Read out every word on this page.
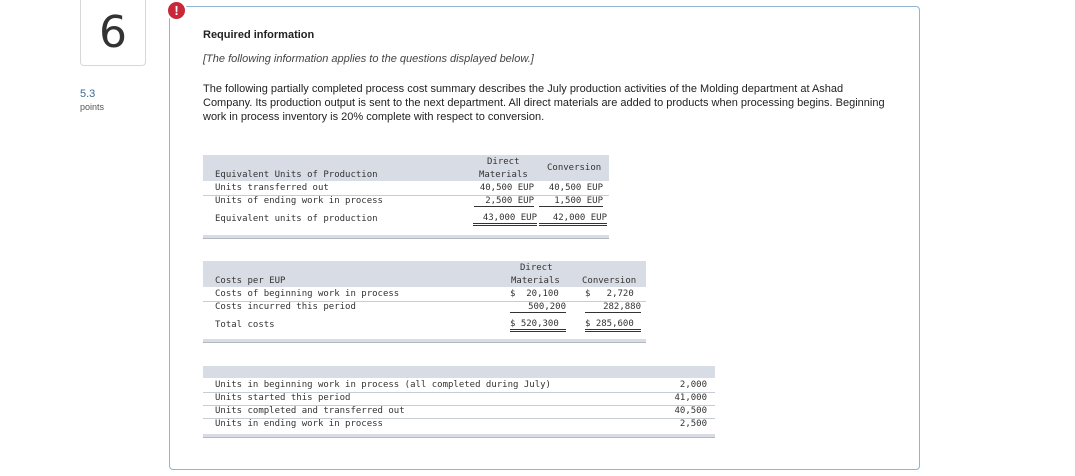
6
5.3
points
!
Required information
[The following information applies to the questions displayed below.]
The following partially completed process cost summary describes the July production activities of the Molding department at Ashad Company. Its production output is sent to the next department. All direct materials are added to products when processing begins. Beginning work in process inventory is 20% complete with respect to conversion.
Direct
Materials
Conversion
Equivalent Units of Production
Units transferred out	40,500 EUP 40,500 EUP
Units of ending work in process	2,500 EUP	1,500 EUP
Equivalent units of production	43,000 EUP	42,000 EUP
Direct
Materials Conversion
Costs per EUP
Costs of beginning work in process	$  20,100	$   2,720
Costs incurred this period	500,200	282,880
Total costs	$ 520,300	$ 285,600
Units in beginning work in process (all completed during July)	2,000
Units started this period	41,000
Units completed and transferred out	40,500
Units in ending work in process	2,500
